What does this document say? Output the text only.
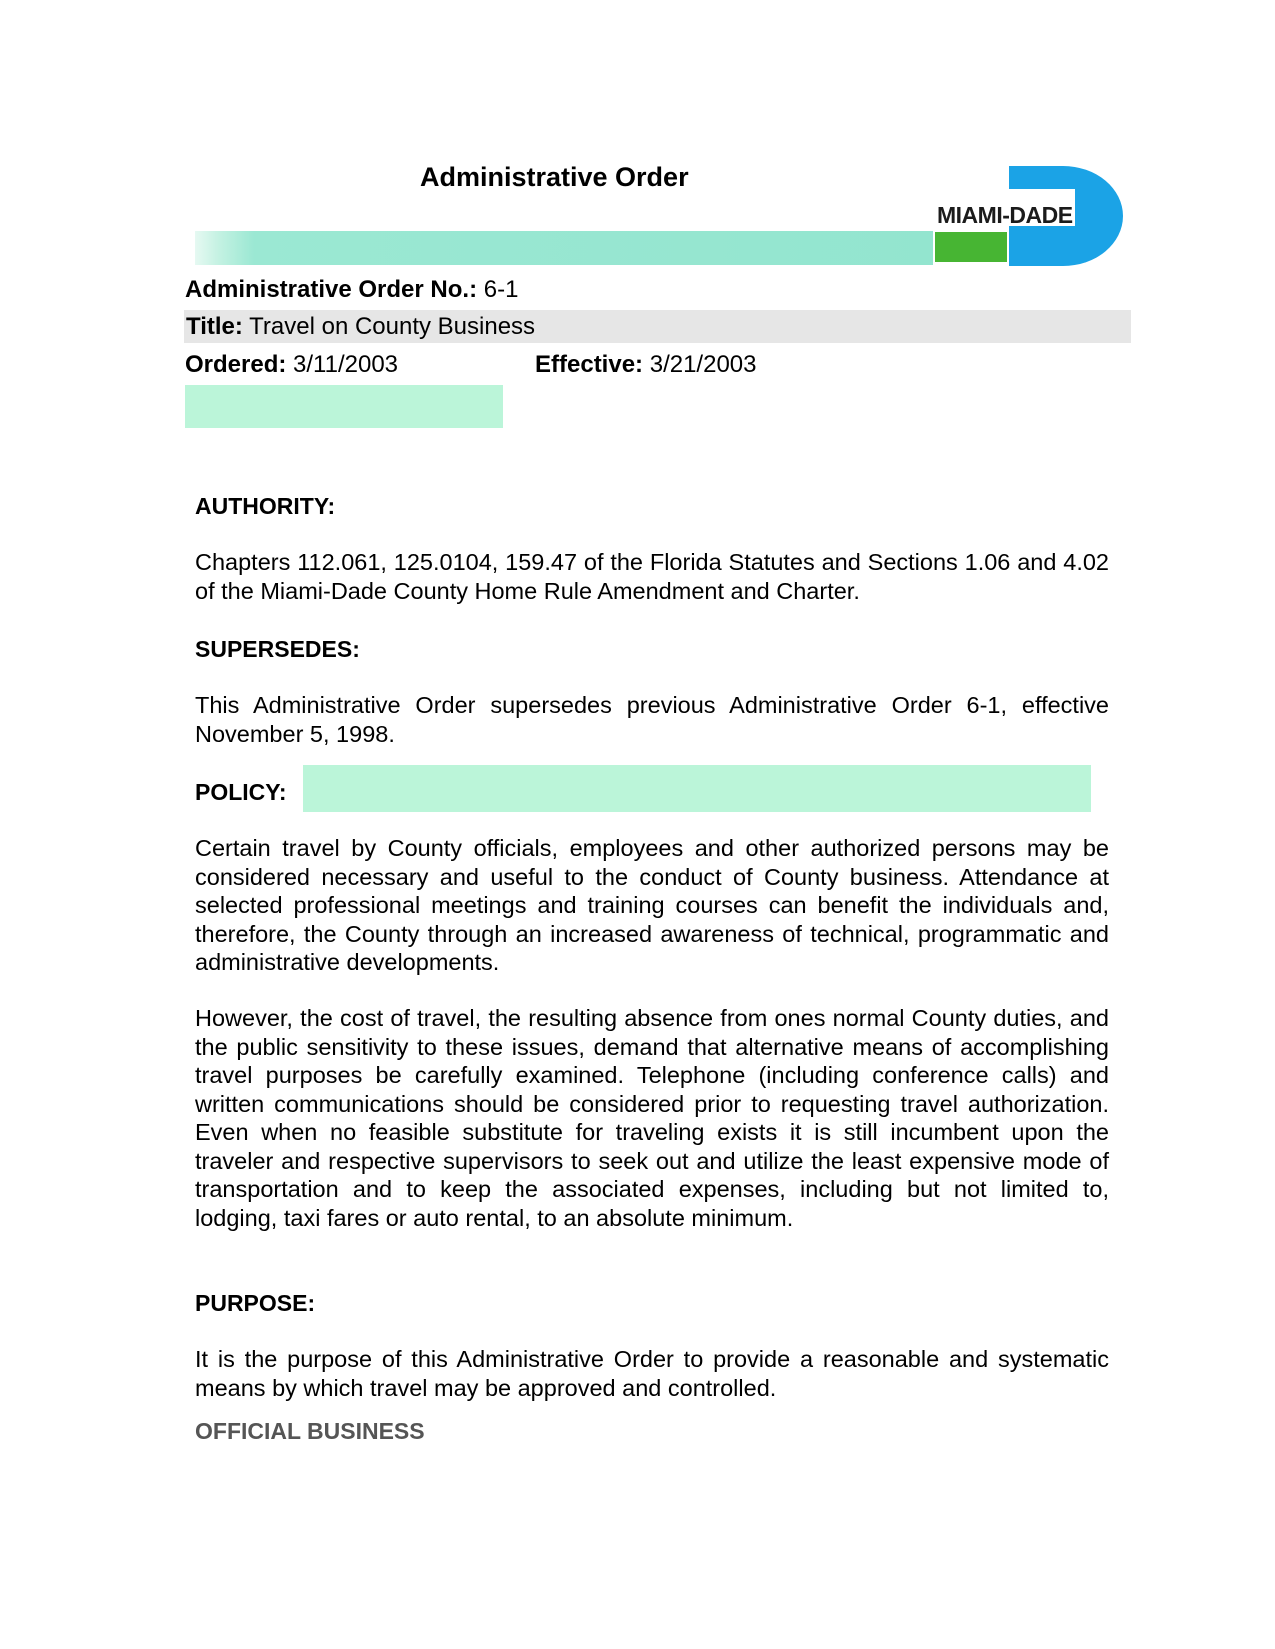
Administrative Order
MIAMI-DADE
Administrative Order No.: 6-1
Title: Travel on County Business
Ordered: 3/11/2003	Effective: 3/21/2003
AUTHORITY:

Chapters 112.061, 125.0104, 159.47 of the Florida Statutes and Sections 1.06 and 4.02 of the Miami-Dade County Home Rule Amendment and Charter.

SUPERSEDES:

This Administrative Order supersedes previous Administrative Order 6-1, effective November 5, 1998.

POLICY:

Certain travel by County officials, employees and other authorized persons may be considered necessary and useful to the conduct of County business. Attendance at selected professional meetings and training courses can benefit the individuals and, therefore, the County through an increased awareness of technical, programmatic and administrative developments.

However, the cost of travel, the resulting absence from ones normal County duties, and the public sensitivity to these issues, demand that alternative means of accomplishing travel purposes be carefully examined. Telephone (including conference calls) and written communications should be considered prior to requesting travel authorization. Even when no feasible substitute for traveling exists it is still incumbent upon the traveler and respective supervisors to seek out and utilize the least expensive mode of transportation and to keep the associated expenses, including but not limited to, lodging, taxi fares or auto rental, to an absolute minimum.

PURPOSE:

It is the purpose of this Administrative Order to provide a reasonable and systematic means by which travel may be approved and controlled.

OFFICIAL BUSINESS
